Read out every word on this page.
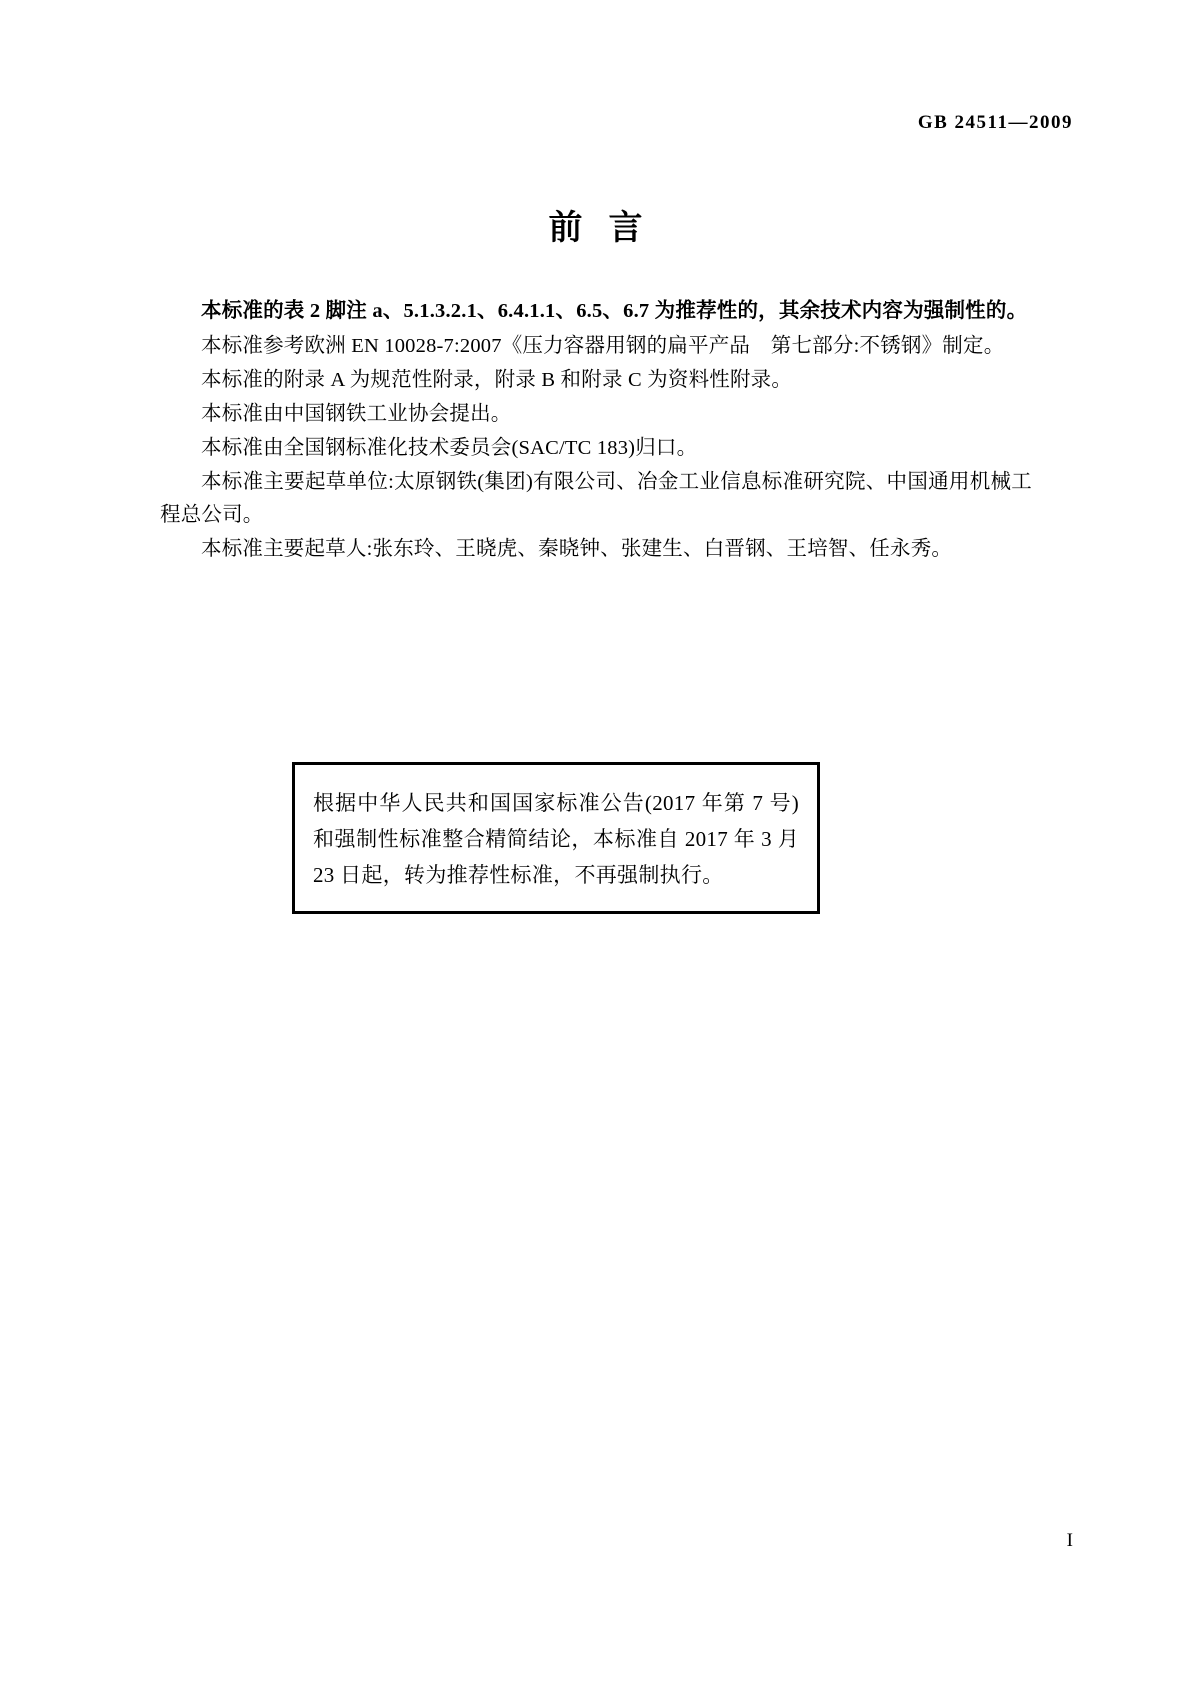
GB 24511—2009
前言

本标准的表 2 脚注 a、5.1.3.2.1、6.4.1.1、6.5、6.7 为推荐性的，其余技术内容为强制性的。

本标准参考欧洲 EN 10028-7:2007《压力容器用钢的扁平产品　第七部分:不锈钢》制定。

本标准的附录 A 为规范性附录，附录 B 和附录 C 为资料性附录。

本标准由中国钢铁工业协会提出。

本标准由全国钢标准化技术委员会(SAC/TC 183)归口。

本标准主要起草单位:太原钢铁(集团)有限公司、冶金工业信息标准研究院、中国通用机械工程总公司。

本标准主要起草人:张东玲、王晓虎、秦晓钟、张建生、白晋钢、王培智、任永秀。

根据中华人民共和国国家标准公告(2017 年第 7 号)和强制性标准整合精简结论，本标准自 2017 年 3 月 23 日起，转为推荐性标准，不再强制执行。

I
